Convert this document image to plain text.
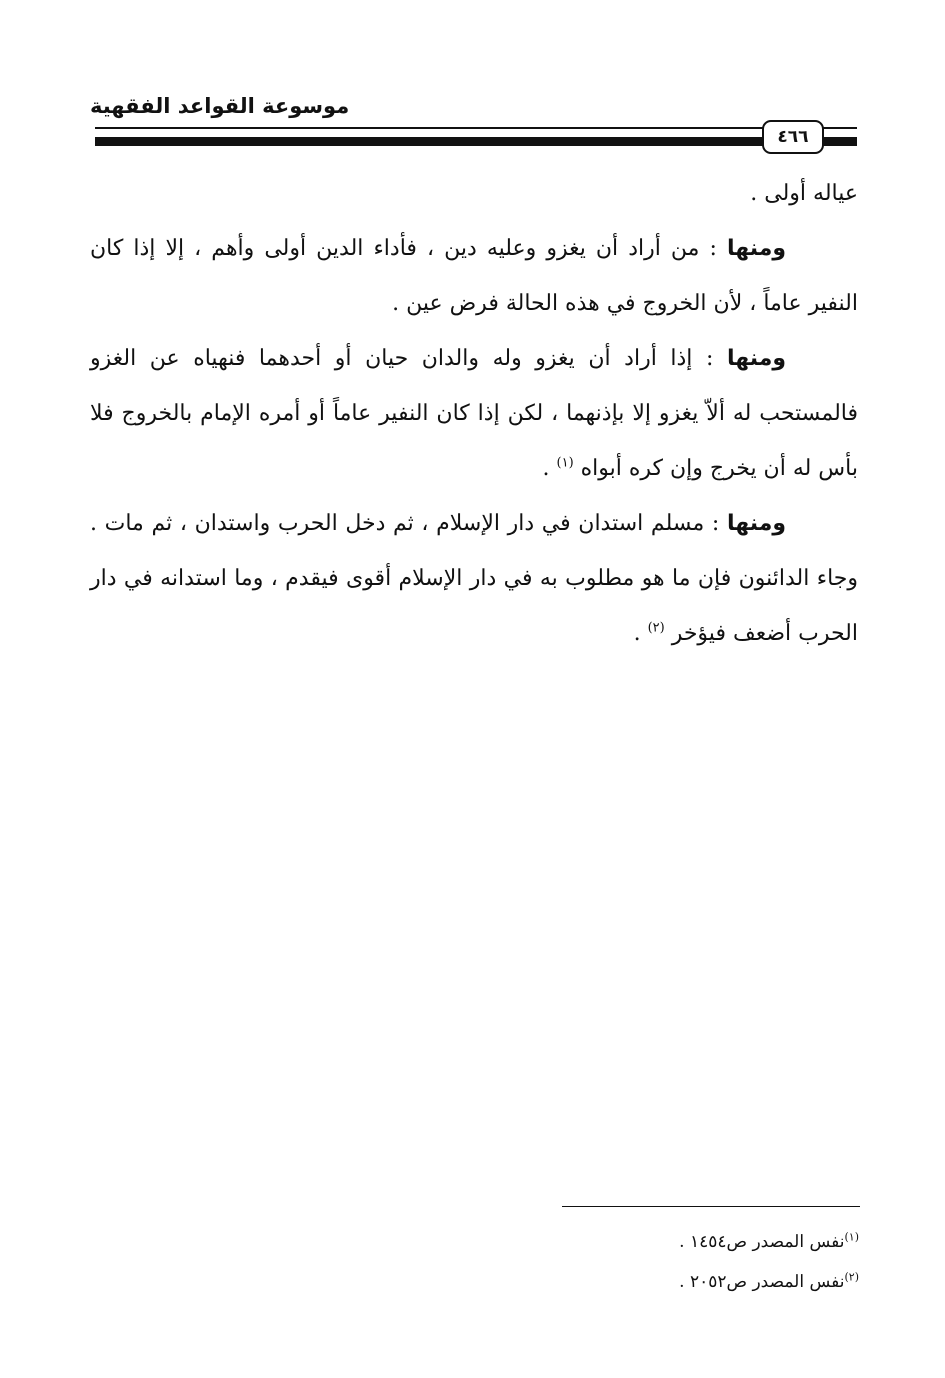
موسوعة القواعد الفقهية
٤٦٦

عياله أولى .

ومنها : من أراد أن يغزو وعليه دين ، فأداء الدين أولى وأهم ، إلا إذا كان النفير عاماً ، لأن الخروج في هذه الحالة فرض عين .

ومنها : إذا أراد أن يغزو وله والدان حيان أو أحدهما فنهياه عن الغزو فالمستحب له ألاّ يغزو إلا بإذنهما ، لكن إذا كان النفير عاماً أو أمره الإمام بالخروج فلا بأس له أن يخرج وإن كره أبواه $^{(١)}$ .

ومنها : مسلم استدان في دار الإسلام ، ثم دخل الحرب واستدان ، ثم مات . وجاء الدائنون فإن ما هو مطلوب به في دار الإسلام أقوى فيقدم ، وما استدانه في دار الحرب أضعف فيؤخر $^{(٢)}$ .

$^{(١)}$نفس المصدر ص١٤٥٤ .
$^{(٢)}$نفس المصدر ص٢٠٥٢ .
